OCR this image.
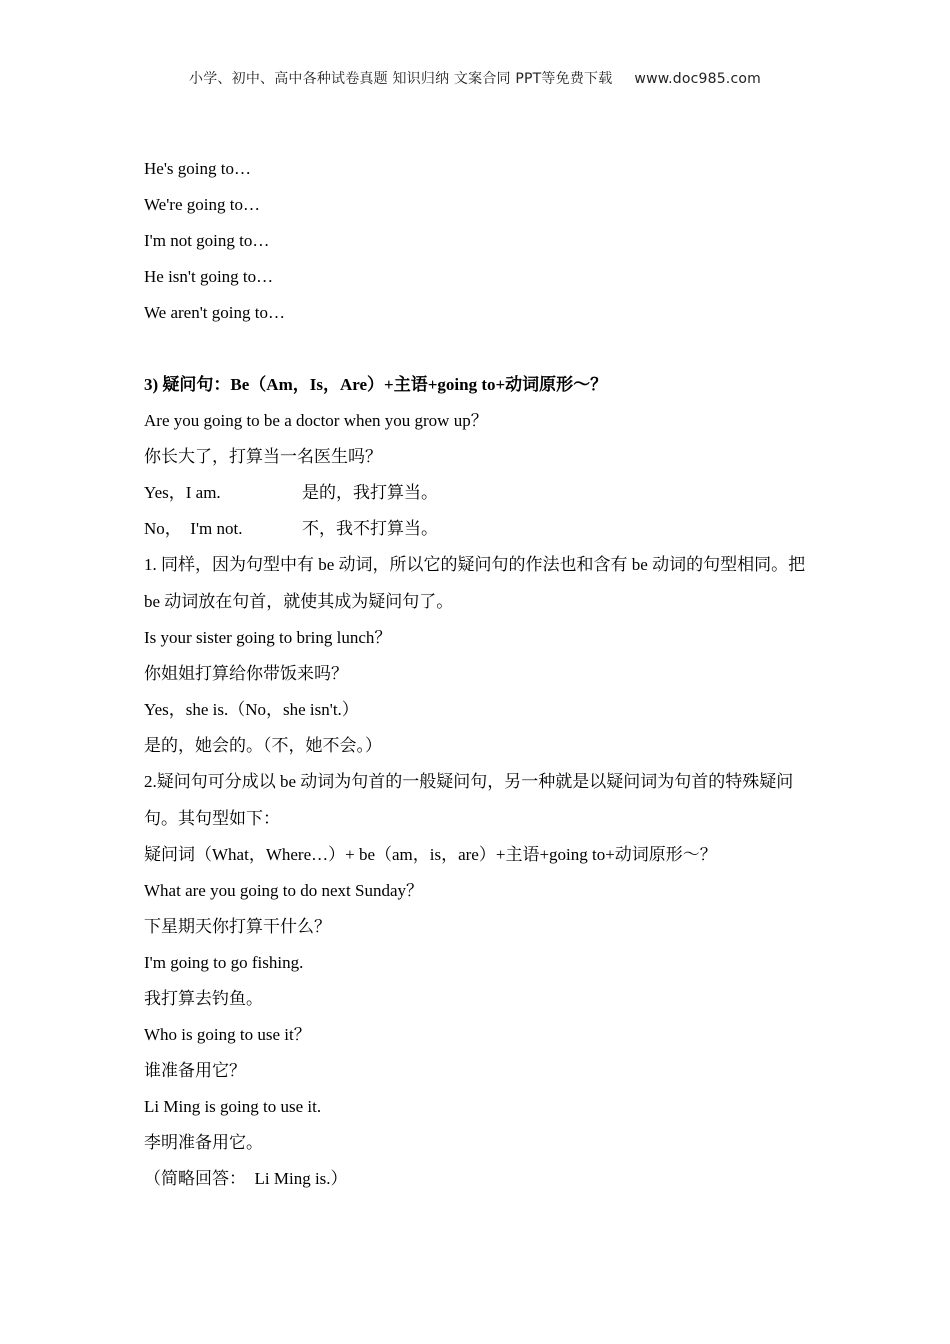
小学、初中、高中各种试卷真题 知识归纳 文案合同 PPT等免费下载 www.doc985.com
He's going to…
We're going to…
I'm not going to…
He isn't going to…
We aren't going to…
3) 疑问句：Be（Am，Is，Are）+主语+going to+动词原形～？
Are you going to be a doctor when you grow up？
你长大了，打算当一名医生吗？
Yes，I am.	是的，我打算当。
No，  I'm not.	不，我不打算当。
1. 同样，因为句型中有 be 动词，所以它的疑问句的作法也和含有 be 动词的句型相同。把 be 动词放在句首，就使其成为疑问句了。
Is your sister going to bring lunch？
你姐姐打算给你带饭来吗？
Yes，she is.（No，she isn't.）
是的，她会的。（不，她不会。）
2.疑问句可分成以 be 动词为句首的一般疑问句，另一种就是以疑问词为句首的特殊疑问句。其句型如下：
疑问词（What，Where…）+ be（am，is，are）+主语+going to+动词原形～？
What are you going to do next Sunday？
下星期天你打算干什么？
I'm going to go fishing.
我打算去钓鱼。
Who is going to use it？
谁准备用它？
Li Ming is going to use it.
李明准备用它。
（简略回答：  Li Ming is.）
